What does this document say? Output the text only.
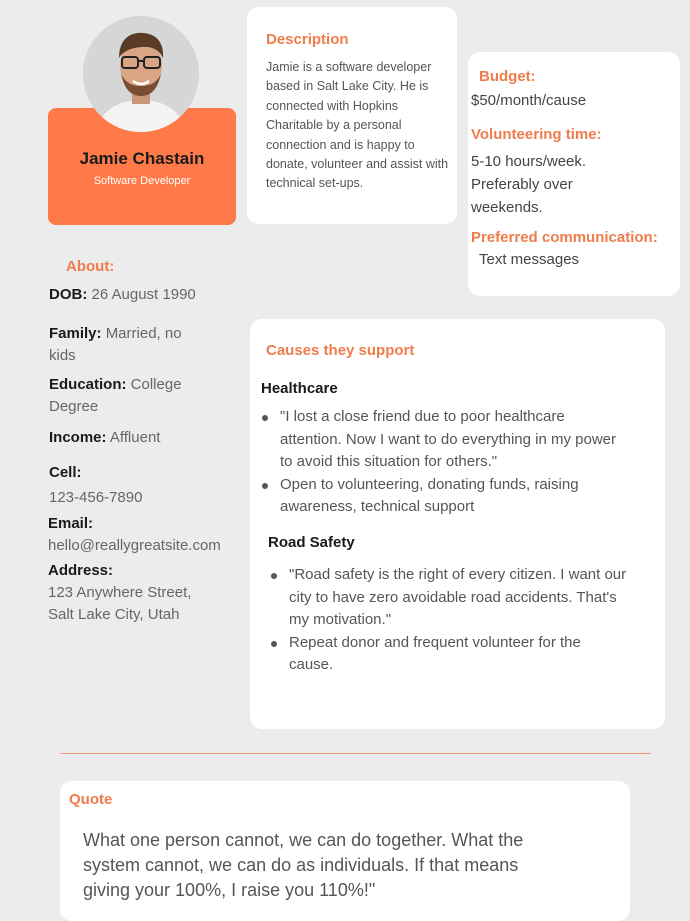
Jamie Chastain
Software Developer
Description
Jamie is a software developer based in Salt Lake City. He is connected with Hopkins Charitable by a personal connection and is happy to donate, volunteer and assist with technical set-ups.
Budget:
$50/month/cause
Volunteering time:
5-10 hours/week. Preferably over weekends.
Preferred communication:
Text messages
About:
DOB: 26 August 1990
Family: Married, no kids
Education: College Degree
Income: Affluent
Cell:
123-456-7890
Email:
hello@reallygreatsite.com
Address:
123 Anywhere Street, Salt Lake City, Utah
Causes they support
Healthcare
"I lost a close friend due to poor healthcare attention. Now I want to do everything in my power to avoid this situation for others."
Open to volunteering, donating funds, raising awareness, technical support
Road Safety
"Road safety is the right of every citizen. I want our city to have zero avoidable road accidents. That's my motivation."
Repeat donor and frequent volunteer for the cause.
Quote
What one person cannot, we can do together. What the system cannot, we can do as individuals. If that means giving your 100%, I raise you 110%!"
